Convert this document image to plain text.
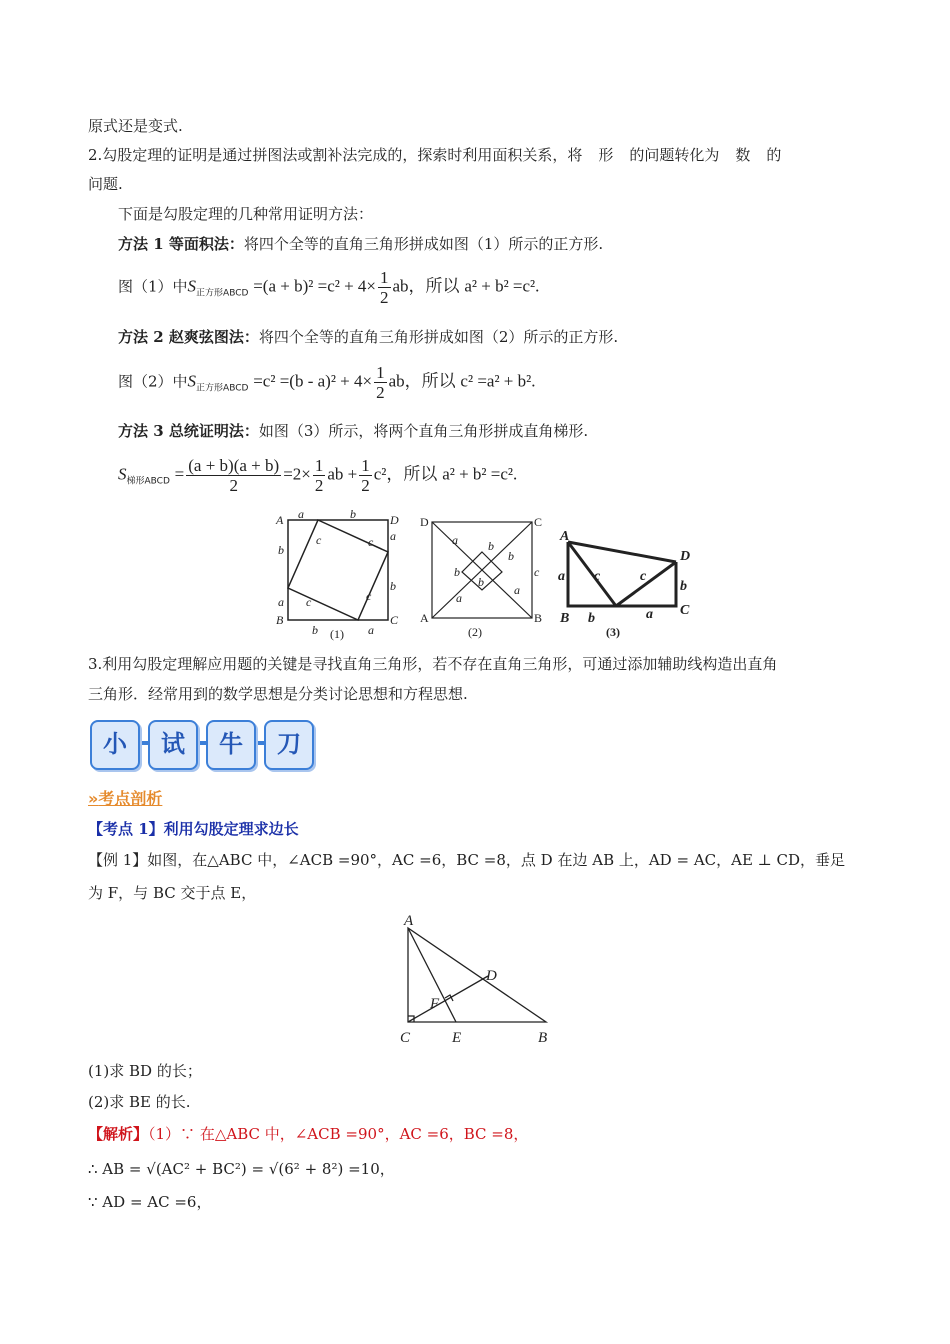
原式还是变式.
2.勾股定理的证明是通过拼图法或割补法完成的，探索时利用面积关系，将 形 的问题转化为 数 的
问题.
下面是勾股定理的几种常用证明方法：
方法 1 等面积法：将四个全等的直角三角形拼成如图（1）所示的正方形.
图（1）中$S_{正方形ABCD} =(a + b)^2 =c^2 + 4\times \frac{1}{2}$ ab，所以 a² + b² =c².
方法 2 赵爽弦图法：将四个全等的直角三角形拼成如图（2）所示的正方形.
图（2）中$S_{正方形ABCD} =c^2 =(b - a)^2 + 4\times \frac{1}{2}$ ab，所以 c² =a² + b².
方法 3 总统证明法：如图（3）所示，将两个直角三角形拼成直角梯形.
$S_{梯形ABCD} = \frac{(a + b)(a + b)}{2} =2\times \frac{1}{2}$ ab + $\frac{1}{2} c^2$，所以 a² + b² =c².
A	D
B	C
a	b
b
a
a
b
b	a
c	c
c	c
(1)
D	C
A	B
a	b
b
c
b
b
a
a
(2)
A
D
B
C
a c	c
b
b	a
(3)
3.利用勾股定理解应用题的关键是寻找直角三角形，若不存在直角三角形，可通过添加辅助线构造出直角
三角形．经常用到的数学思想是分类讨论思想和方程思想.
小	试	牛	刀
»考点剖析
【考点 1】利用勾股定理求边长
【例 1】如图，在△ABC 中，∠ACB =90°，AC =6，BC =8，点 D 在边 AB 上，AD = AC，AE ⊥ CD，垂足
为 F，与 BC 交于点 E，
A
D
F
C	E	B
(1)求 BD 的长；
(2)求 BE 的长.
【解析】（1）∵ 在△ABC 中，∠ACB =90°，AC =6，BC =8，
∴ AB = √(AC² + BC²) = √(6² + 8²) =10，
∵ AD = AC =6，
